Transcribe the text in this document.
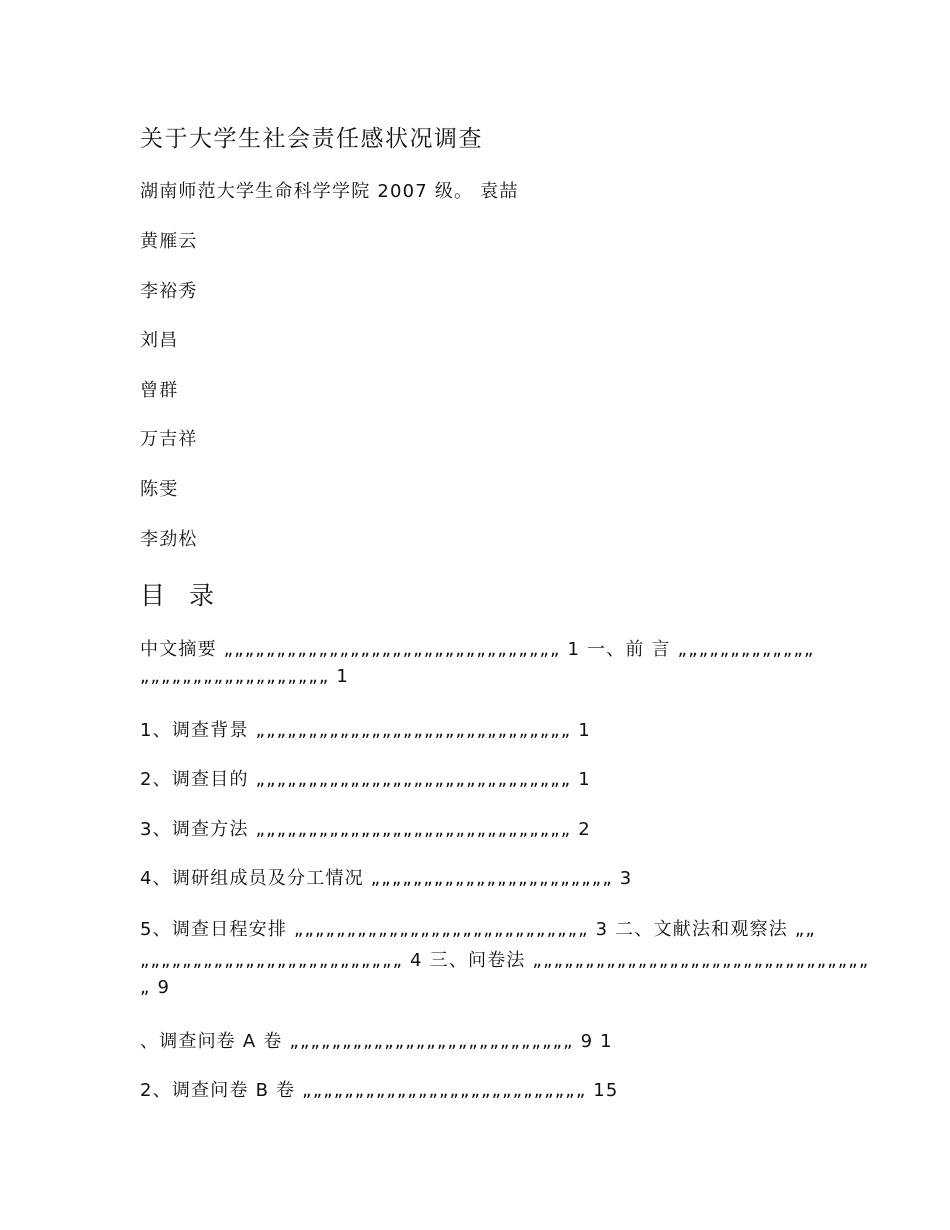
关于大学生社会责任感状况调查
湖南师范大学生命科学学院 2007 级。 袁喆
黄雁云
李裕秀
刘昌
曾群
万吉祥
陈雯
李劲松
目 录
中文摘要 „„„„„„„„„„„„„„„„„„„„„„„„„„„„„„„„ 1 一、前 言 „„„„„„„„„„„„„
„„„„„„„„„„„„„„„„„„ 1
1、调查背景 „„„„„„„„„„„„„„„„„„„„„„„„„„„„„„ 1
2、调查目的 „„„„„„„„„„„„„„„„„„„„„„„„„„„„„„ 1
3、调查方法 „„„„„„„„„„„„„„„„„„„„„„„„„„„„„„ 2
4、调研组成员及分工情况 „„„„„„„„„„„„„„„„„„„„„„„ 3
5、调查日程安排 „„„„„„„„„„„„„„„„„„„„„„„„„„„„ 3 二、文献法和观察法 „„
„„„„„„„„„„„„„„„„„„„„„„„„„ 4 三、问卷法 „„„„„„„„„„„„„„„„„„„„„„„„„„„„„„„„
„ 9
、调查问卷 A 卷 „„„„„„„„„„„„„„„„„„„„„„„„„„„ 9 1
2、调查问卷 B 卷 „„„„„„„„„„„„„„„„„„„„„„„„„„„ 15
